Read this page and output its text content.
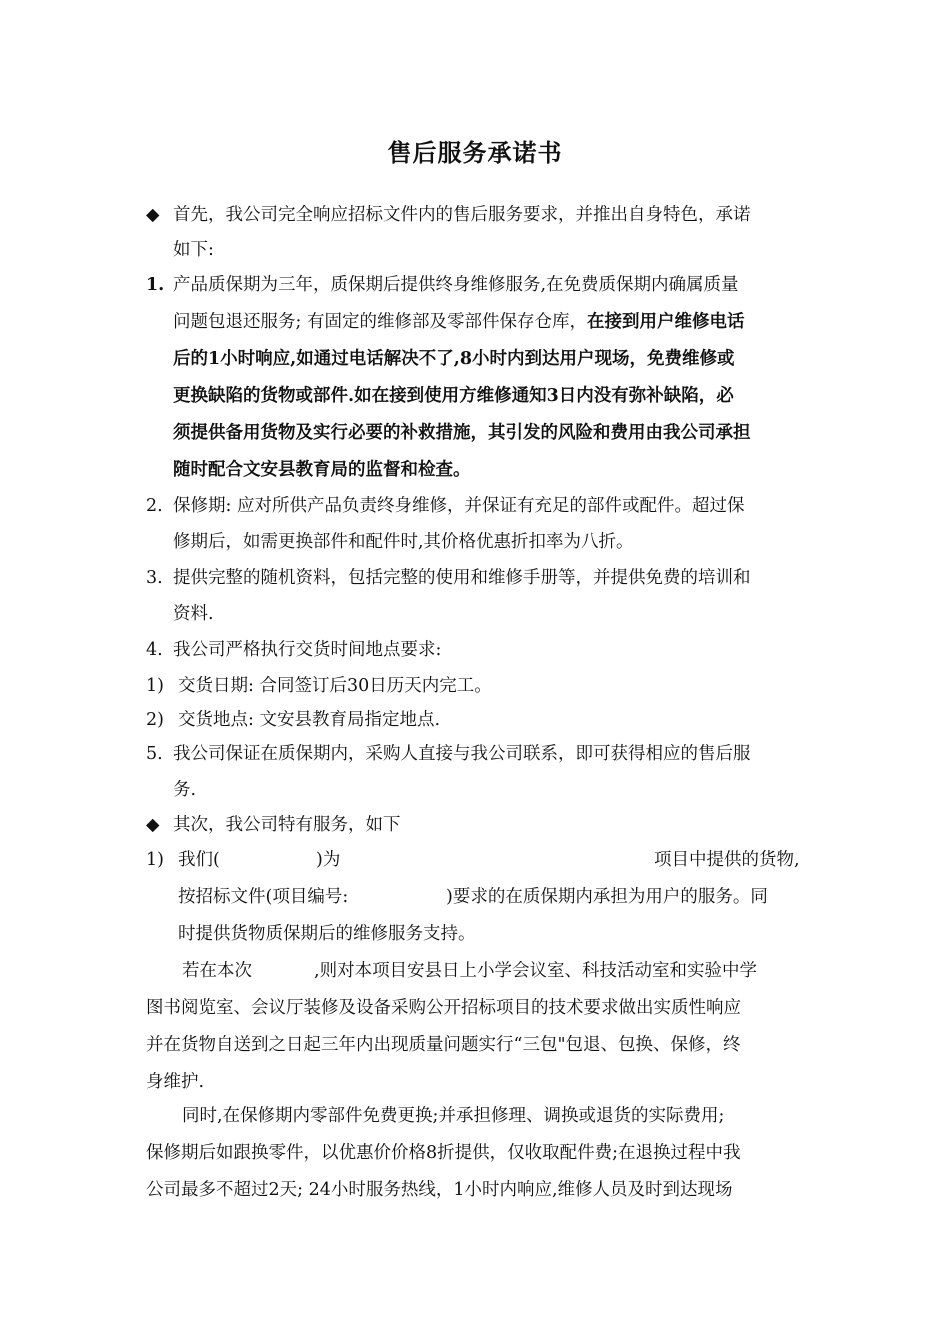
售后服务承诺书
◆ 首先，我公司完全响应招标文件内的售后服务要求，并推出自身特色，承诺
如下:
1. 产品质保期为三年，质保期后提供终身维修服务,在免费质保期内确属质量
问题包退还服务; 有固定的维修部及零部件保存仓库，在接到用户维修电话
后的1小时响应,如通过电话解决不了,8小时内到达用户现场，免费维修或
更换缺陷的货物或部件.如在接到使用方维修通知3日内没有弥补缺陷，必
须提供备用货物及实行必要的补救措施，其引发的风险和费用由我公司承担
随时配合文安县教育局的监督和检查。
2. 保修期: 应对所供产品负责终身维修，并保证有充足的部件或配件。超过保
修期后，如需更换部件和配件时,其价格优惠折扣率为八折。
3. 提供完整的随机资料，包括完整的使用和维修手册等，并提供免费的培训和
资料.
4. 我公司严格执行交货时间地点要求:
1) 交货日期: 合同签订后30日历天内完工。
2) 交货地点: 文安县教育局指定地点.
5. 我公司保证在质保期内，采购人直接与我公司联系，即可获得相应的售后服
务.
◆ 其次，我公司特有服务，如下
1) 我们(	)为	项目中提供的货物,
按招标文件(项目编号:	)要求的在质保期内承担为用户的服务。同
时提供货物质保期后的维修服务支持。
若在本次	,则对本项目安县日上小学会议室、科技活动室和实验中学
图书阅览室、会议厅装修及设备采购公开招标项目的技术要求做出实质性响应
并在货物自送到之日起三年内出现质量问题实行“三包"包退、包换、保修，终
身维护.
同时,在保修期内零部件免费更换;并承担修理、调换或退货的实际费用;
保修期后如跟换零件，以优惠价价格8折提供，仅收取配件费;在退换过程中我
公司最多不超过2天; 24小时服务热线，1小时内响应,维修人员及时到达现场
